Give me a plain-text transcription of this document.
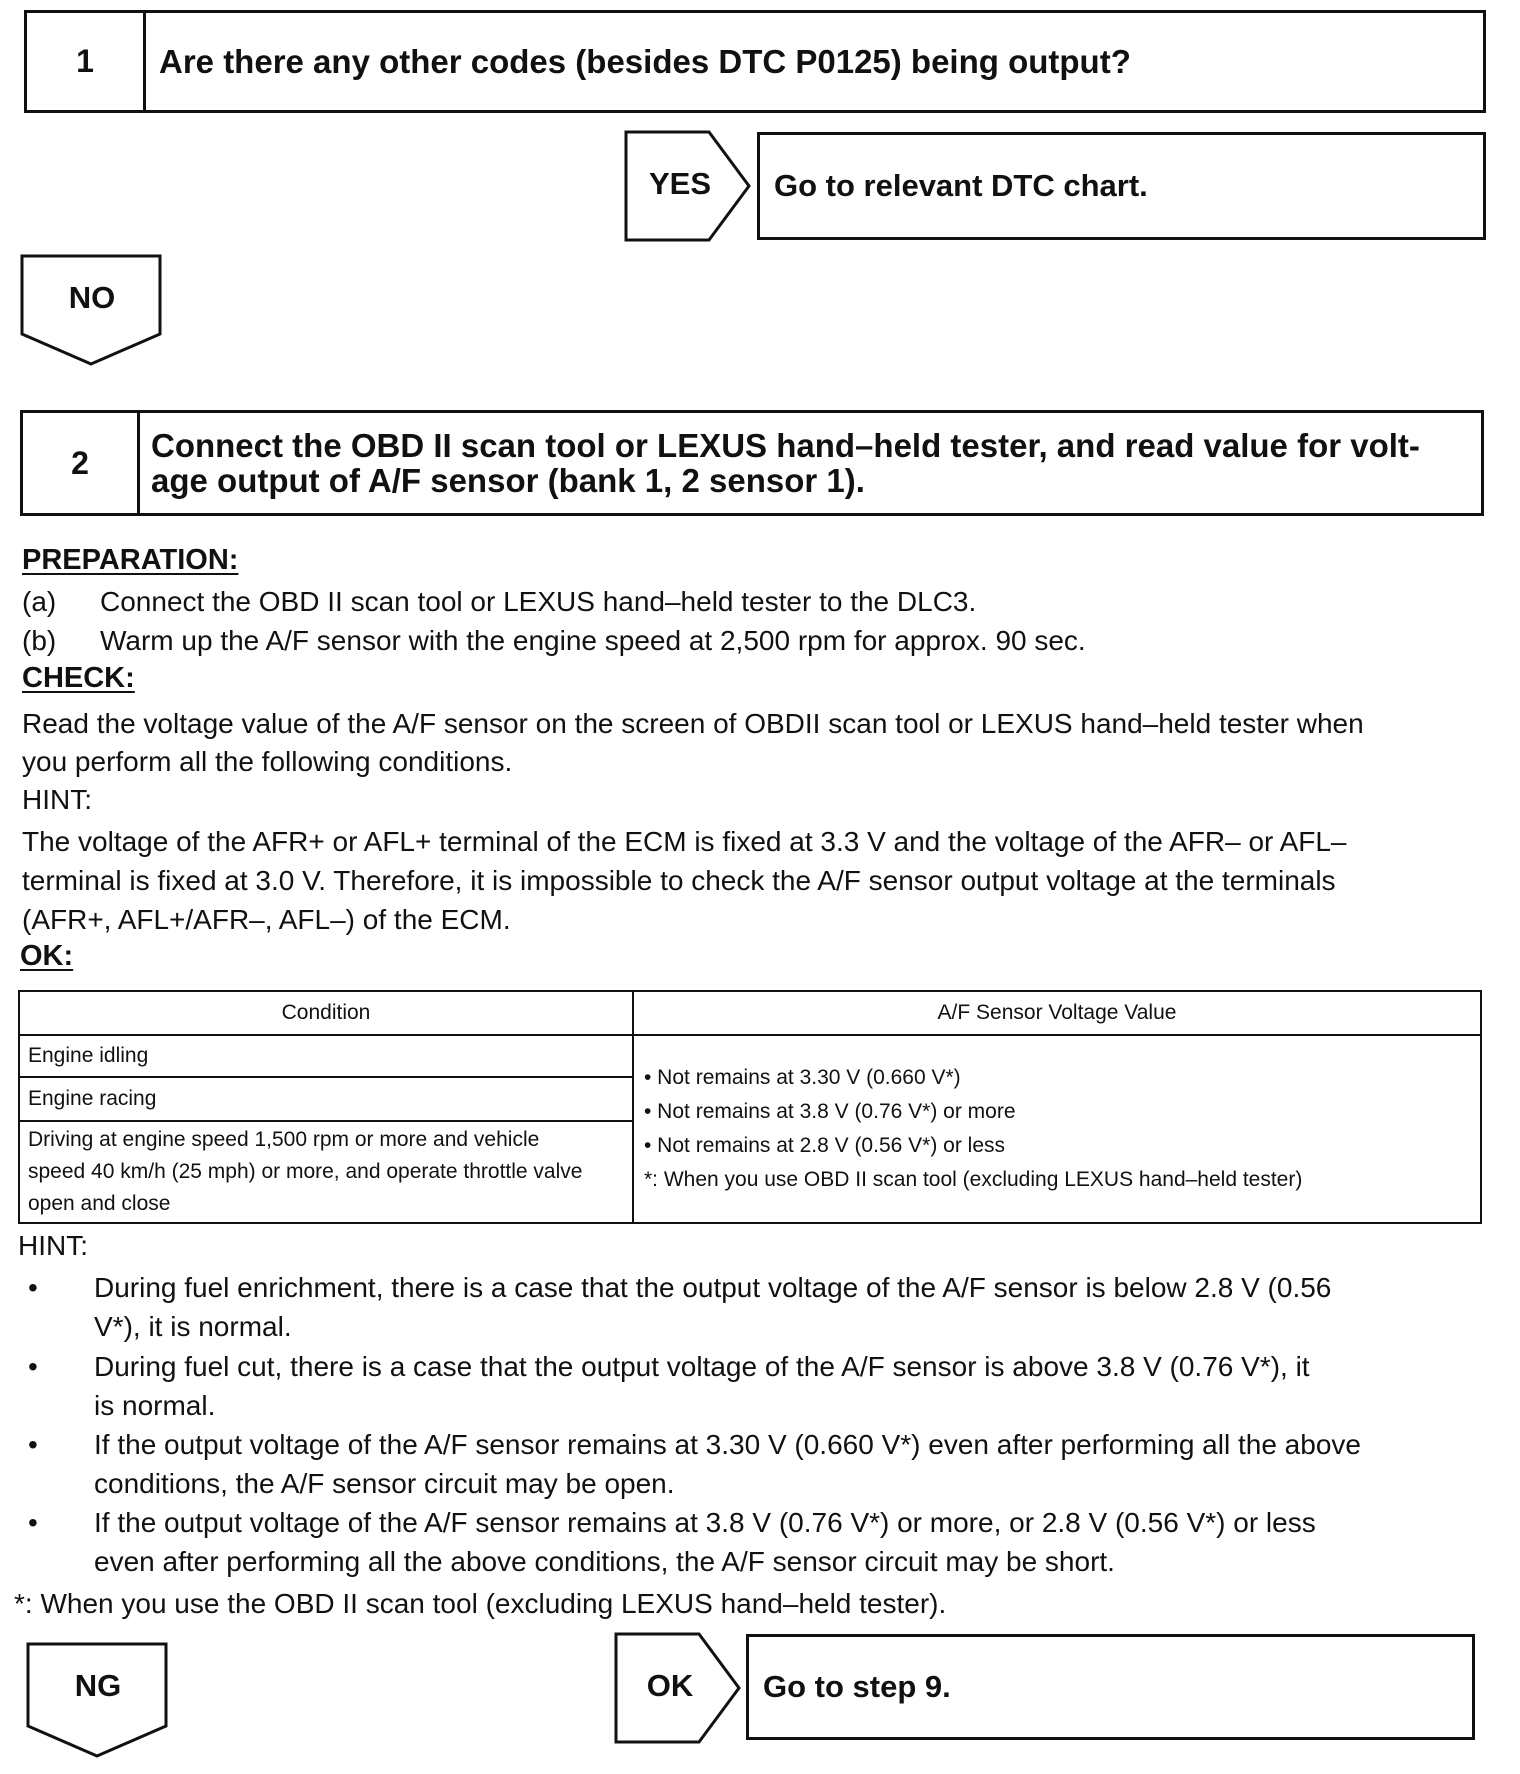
1	Are there any other codes (besides DTC P0125) being output?
YES	Go to relevant DTC chart.
NO
2	Connect the OBD II scan tool or LEXUS hand–held tester, and read value for volt-
age output of A/F sensor (bank 1, 2 sensor 1).
PREPARATION:
(a) Connect the OBD II scan tool or LEXUS hand–held tester to the DLC3.
(b) Warm up the A/F sensor with the engine speed at 2,500 rpm for approx. 90 sec.
CHECK:
Read the voltage value of the A/F sensor on the screen of OBDII scan tool or LEXUS hand–held tester when
you perform all the following conditions.
HINT:
The voltage of the AFR+ or AFL+ terminal of the ECM is fixed at 3.3 V and the voltage of the AFR– or AFL–
terminal is fixed at 3.0 V. Therefore, it is impossible to check the A/F sensor output voltage at the terminals
(AFR+, AFL+/AFR–, AFL–) of the ECM.
OK:
Condition	A/F Sensor Voltage Value
Engine idling	• Not remains at 3.30 V (0.660 V*)
• Not remains at 3.8 V (0.76 V*) or more
• Not remains at 2.8 V (0.56 V*) or less
*: When you use OBD II scan tool (excluding LEXUS hand–held tester)

Engine racing	

Driving at engine speed 1,500 rpm or more and vehicle
speed 40 km/h (25 mph) or more, and operate throttle valve
open and close	
HINT:
• During fuel enrichment, there is a case that the output voltage of the A/F sensor is below 2.8 V (0.56
V*), it is normal.
• During fuel cut, there is a case that the output voltage of the A/F sensor is above 3.8 V (0.76 V*), it
is normal.
• If the output voltage of the A/F sensor remains at 3.30 V (0.660 V*) even after performing all the above
conditions, the A/F sensor circuit may be open.
• If the output voltage of the A/F sensor remains at 3.8 V (0.76 V*) or more, or 2.8 V (0.56 V*) or less
even after performing all the above conditions, the A/F sensor circuit may be short.
*: When you use the OBD II scan tool (excluding LEXUS hand–held tester).
NG	OK	Go to step 9.
